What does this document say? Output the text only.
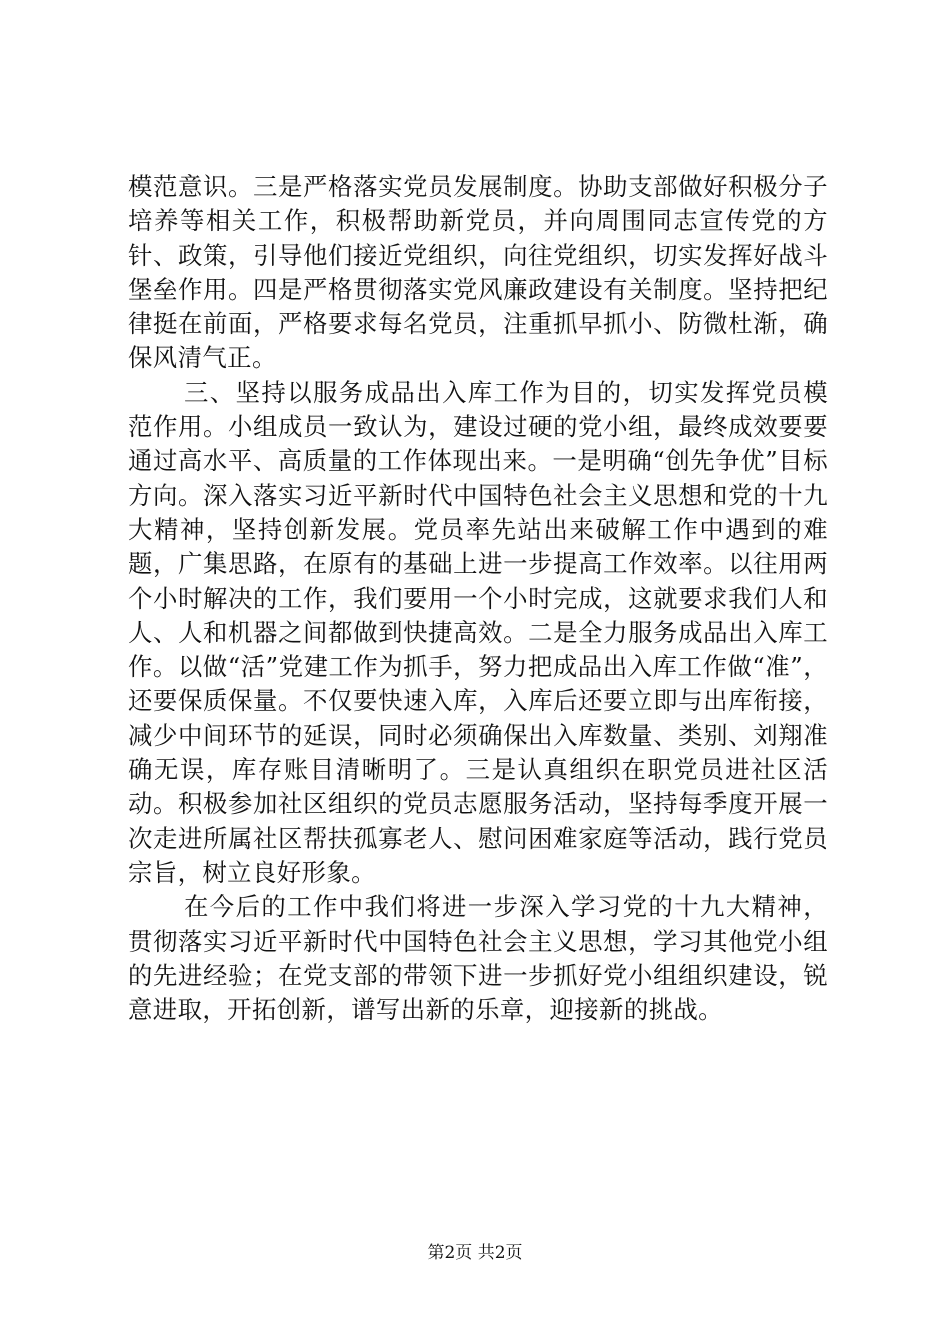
模范意识。三是严格落实党员发展制度。协助支部做好积极分子培养等相关工作，积极帮助新党员，并向周围同志宣传党的方针、政策，引导他们接近党组织，向往党组织，切实发挥好战斗堡垒作用。四是严格贯彻落实党风廉政建设有关制度。坚持把纪律挺在前面，严格要求每名党员，注重抓早抓小、防微杜渐，确保风清气正。

三、坚持以服务成品出入库工作为目的，切实发挥党员模范作用。小组成员一致认为，建设过硬的党小组，最终成效要要通过高水平、高质量的工作体现出来。一是明确“创先争优”目标方向。深入落实习近平新时代中国特色社会主义思想和党的十九大精神，坚持创新发展。党员率先站出来破解工作中遇到的难题，广集思路，在原有的基础上进一步提高工作效率。以往用两个小时解决的工作，我们要用一个小时完成，这就要求我们人和人、人和机器之间都做到快捷高效。二是全力服务成品出入库工作。以做“活”党建工作为抓手，努力把成品出入库工作做“准”，还要保质保量。不仅要快速入库，入库后还要立即与出库衔接，减少中间环节的延误，同时必须确保出入库数量、类别、刘翔准确无误，库存账目清晰明了。三是认真组织在职党员进社区活动。积极参加社区组织的党员志愿服务活动，坚持每季度开展一次走进所属社区帮扶孤寡老人、慰问困难家庭等活动，践行党员宗旨，树立良好形象。

在今后的工作中我们将进一步深入学习党的十九大精神，贯彻落实习近平新时代中国特色社会主义思想，学习其他党小组的先进经验；在党支部的带领下进一步抓好党小组组织建设，锐意进取，开拓创新，谱写出新的乐章，迎接新的挑战。

第2页 共2页
